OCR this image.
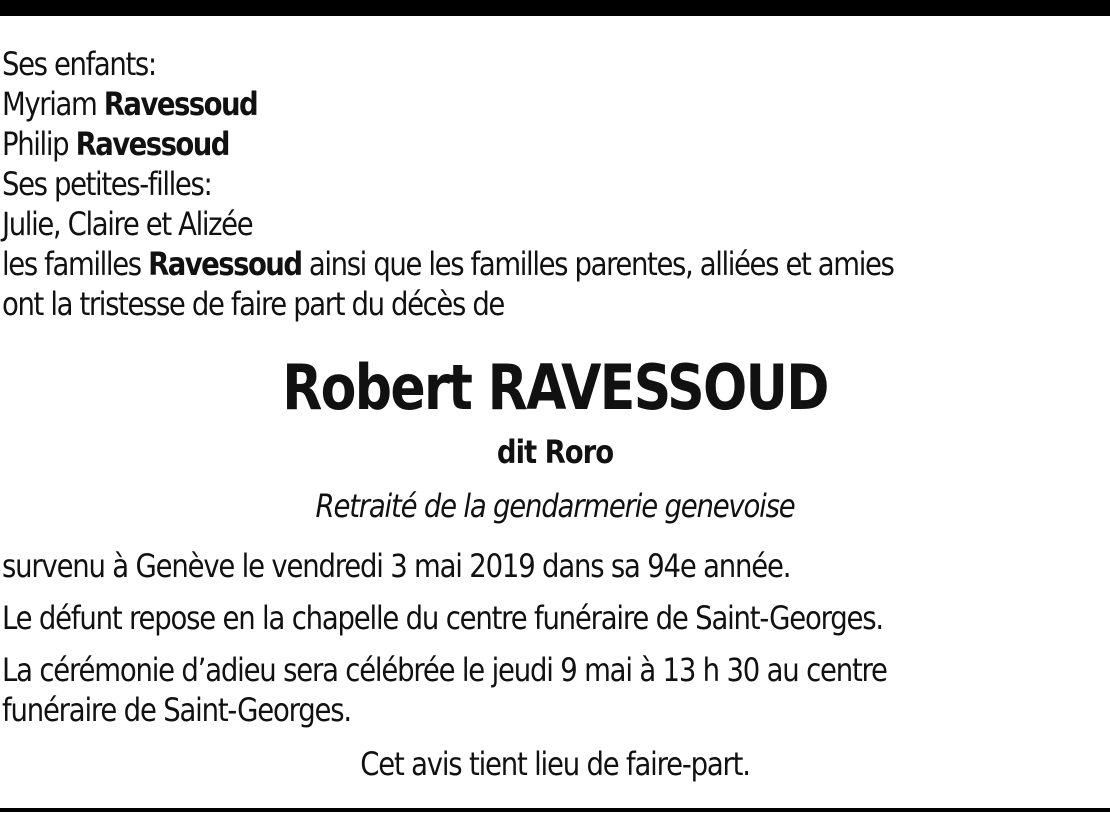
Ses enfants:
Myriam Ravessoud
Philip Ravessoud
Ses petites-filles:
Julie, Claire et Alizée
les familles Ravessoud ainsi que les familles parentes, alliées et amies
ont la tristesse de faire part du décès de
Robert RAVESSOUD
dit Roro
Retraité de la gendarmerie genevoise
survenu à Genève le vendredi 3 mai 2019 dans sa 94e année.
Le défunt repose en la chapelle du centre funéraire de Saint-Georges.
La cérémonie d’adieu sera célébrée le jeudi 9 mai à 13 h 30 au centre
funéraire de Saint-Georges.
Cet avis tient lieu de faire-part.
